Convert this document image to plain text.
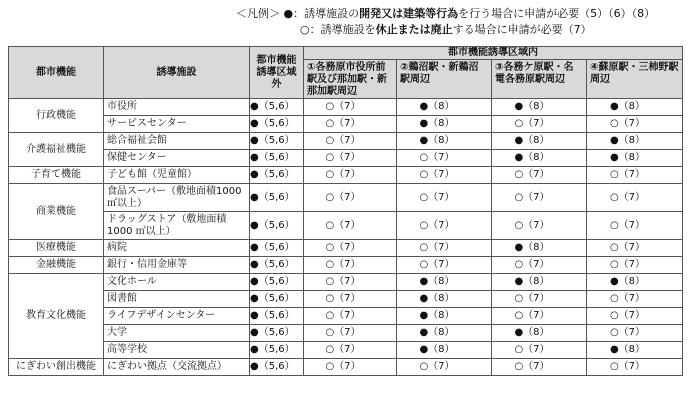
＜凡例＞ ●：誘導施設の開発又は建築等行為を行う場合に申請が必要（5）（6）（8）
○：誘導施設を休止または廃止する場合に申請が必要（7）
都市機能	誘導施設	都市機能誘導区域外	都市機能誘導区域内			
			①各務原市役所前駅及び那加駅・新那加駅周辺	②鵜沼駅・新鵜沼駅周辺	③各務ケ原駅・名電各務原駅周辺	④蘇原駅・三柿野駅周辺
行政機能	市役所	●（5,6）	○（7）	●（8）	●（8）	●（8）
	サービスセンター	●（5,6）	○（7）	●（8）	○（7）	○（7）
介護福祉機能	総合福祉会館	●（5,6）	○（7）	●（8）	●（8）	●（8）
	保健センター	●（5,6）	○（7）	○（7）	●（8）	●（8）
子育て機能	子ども館（児童館）	●（5,6）	○（7）	○（7）	○（7）	○（7）
商業機能	食品スーパー（敷地面積1000 ㎡以上）	●（5,6）	○（7）	○（7）	○（7）	○（7）
	ドラッグストア（敷地面積1000 ㎡以上）	●（5,6）	○（7）	○（7）	○（7）	○（7）
医療機能	病院	●（5,6）	○（7）	○（7）	●（8）	○（7）
金融機能	銀行・信用金庫等	●（5,6）	○（7）	○（7）	○（7）	○（7）
教育文化機能	文化ホール	●（5,6）	○（7）	●（8）	●（8）	●（8）
	図書館	●（5,6）	○（7）	●（8）	○（7）	○（7）
	ライフデザインセンター	●（5,6）	○（7）	●（8）	○（7）	○（7）
	大学	●（5,6）	○（7）	●（8）	●（8）	○（7）
	高等学校	●（5,6）	○（7）	●（8）	○（7）	●（8）
にぎわい創出機能	にぎわい拠点（交流拠点）	●（5,6）	○（7）	○（7）	○（7）	○（7）
